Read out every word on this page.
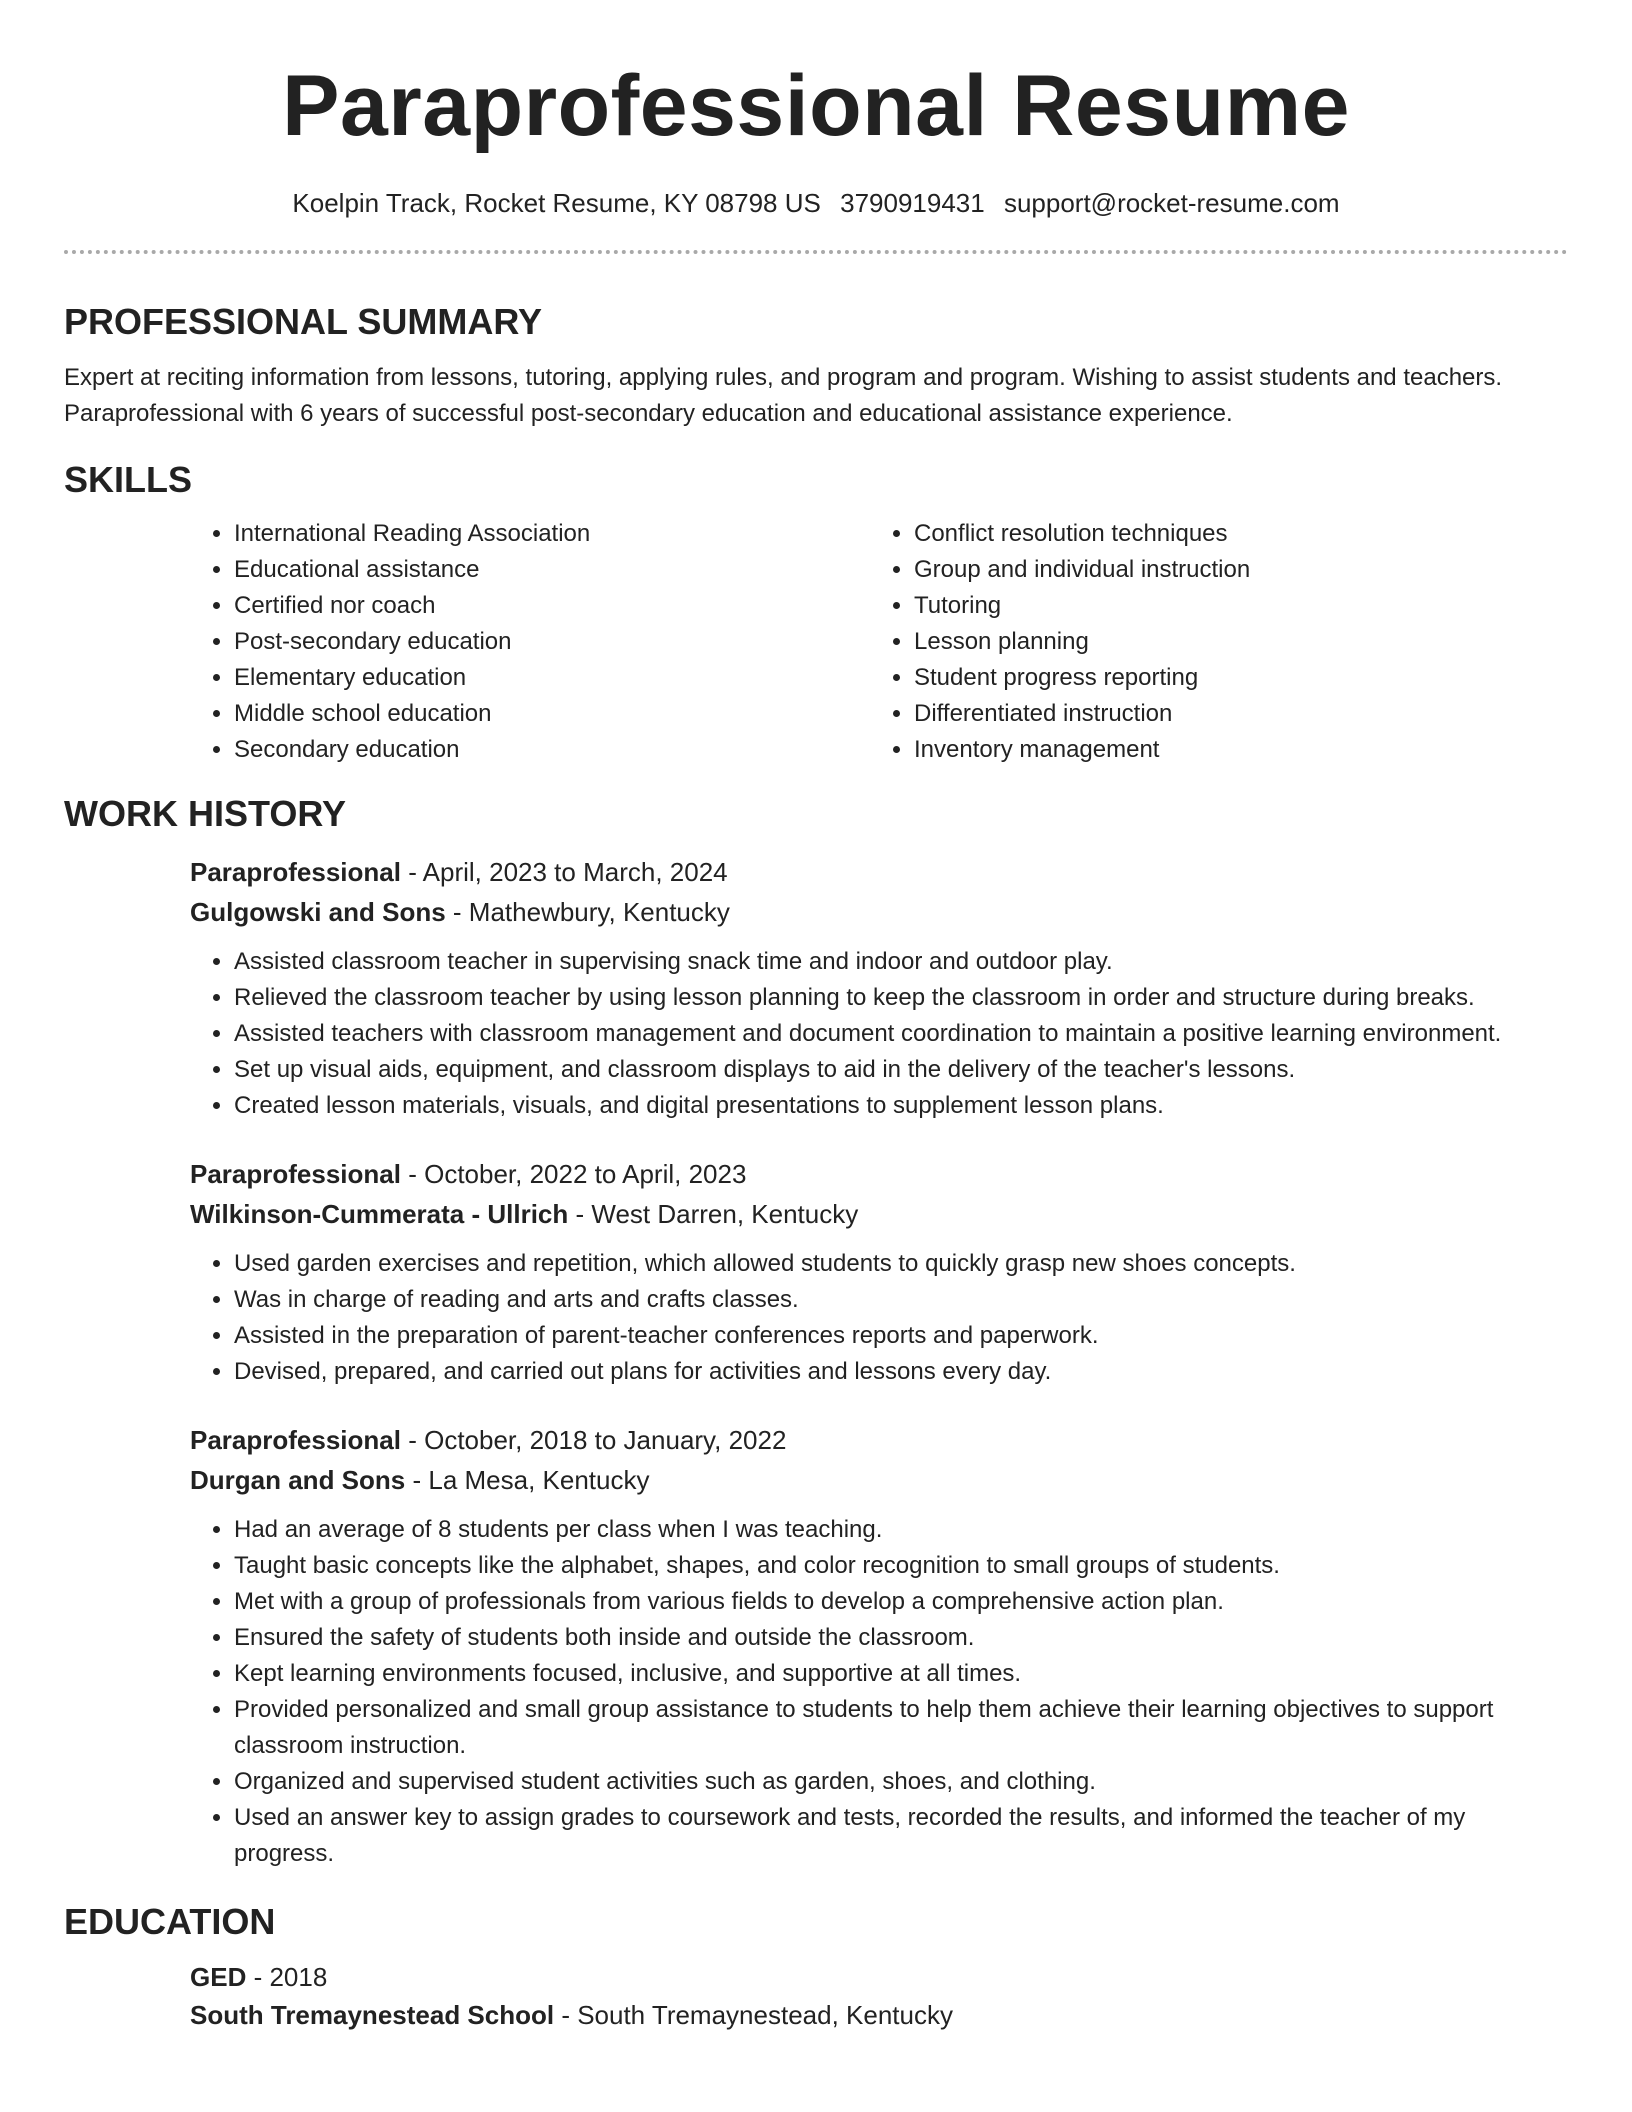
Paraprofessional Resume
Koelpin Track, Rocket Resume, KY 08798 US 3790919431 support@rocket-resume.com
PROFESSIONAL SUMMARY

Expert at reciting information from lessons, tutoring, applying rules, and program and program. Wishing to assist students and teachers. Paraprofessional with 6 years of successful post-secondary education and educational assistance experience.

SKILLS
• International Reading Association
• Educational assistance
• Certified nor coach
• Post-secondary education
• Elementary education
• Middle school education
• Secondary education
• Conflict resolution techniques
• Group and individual instruction
• Tutoring
• Lesson planning
• Student progress reporting
• Differentiated instruction
• Inventory management
WORK HISTORY
Paraprofessional - April, 2023 to March, 2024
Gulgowski and Sons - Mathewbury, Kentucky
• Assisted classroom teacher in supervising snack time and indoor and outdoor play.
• Relieved the classroom teacher by using lesson planning to keep the classroom in order and structure during breaks.
• Assisted teachers with classroom management and document coordination to maintain a positive learning environment.
• Set up visual aids, equipment, and classroom displays to aid in the delivery of the teacher's lessons.
• Created lesson materials, visuals, and digital presentations to supplement lesson plans.
Paraprofessional - October, 2022 to April, 2023
Wilkinson-Cummerata - Ullrich - West Darren, Kentucky
• Used garden exercises and repetition, which allowed students to quickly grasp new shoes concepts.
• Was in charge of reading and arts and crafts classes.
• Assisted in the preparation of parent-teacher conferences reports and paperwork.
• Devised, prepared, and carried out plans for activities and lessons every day.
Paraprofessional - October, 2018 to January, 2022
Durgan and Sons - La Mesa, Kentucky
• Had an average of 8 students per class when I was teaching.
• Taught basic concepts like the alphabet, shapes, and color recognition to small groups of students.
• Met with a group of professionals from various fields to develop a comprehensive action plan.
• Ensured the safety of students both inside and outside the classroom.
• Kept learning environments focused, inclusive, and supportive at all times.
• Provided personalized and small group assistance to students to help them achieve their learning objectives to support classroom instruction.
• Organized and supervised student activities such as garden, shoes, and clothing.
• Used an answer key to assign grades to coursework and tests, recorded the results, and informed the teacher of my progress.
EDUCATION
GED - 2018
South Tremaynestead School - South Tremaynestead, Kentucky
